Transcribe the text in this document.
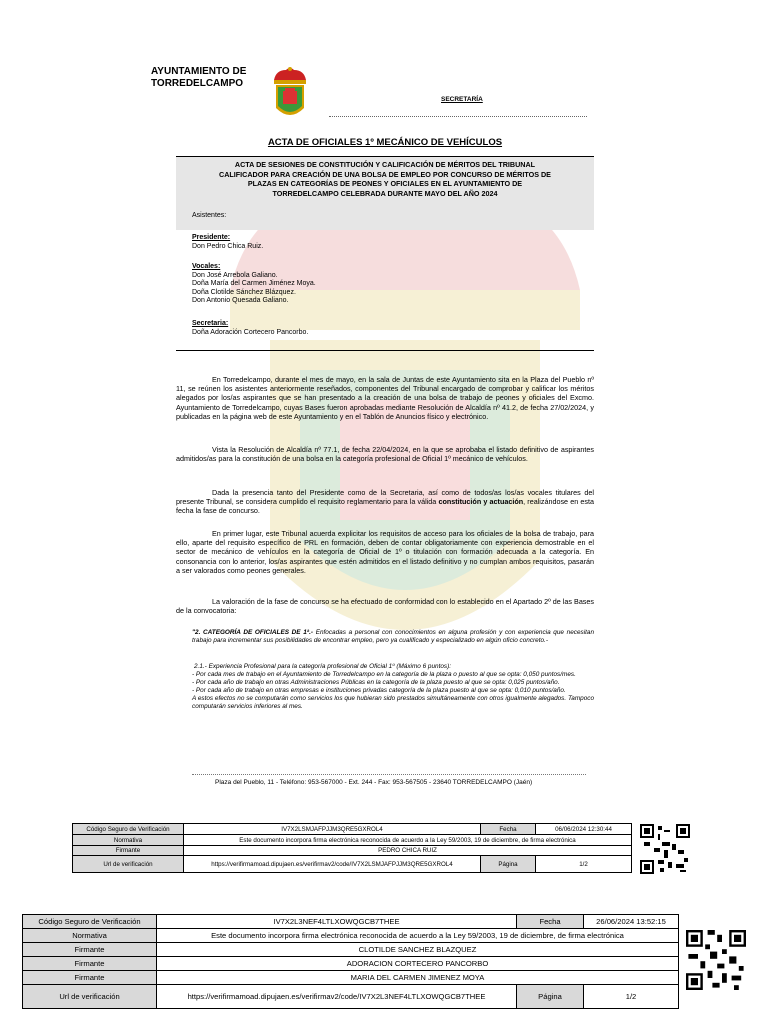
AYUNTAMIENTO DE
TORREDELCAMPO
SECRETARÍA
ACTA DE OFICIALES 1º MECÁNICO DE VEHÍCULOS
ACTA DE SESIONES DE CONSTITUCIÓN Y CALIFICACIÓN DE MÉRITOS DEL TRIBUNAL
CALIFICADOR PARA CREACIÓN DE UNA BOLSA DE EMPLEO POR CONCURSO DE MÉRITOS DE
PLAZAS EN CATEGORÍAS DE PEONES Y OFICIALES EN EL AYUNTAMIENTO DE
TORREDELCAMPO CELEBRADA DURANTE MAYO DEL AÑO 2024
Asistentes:
Presidente:
Don Pedro Chica Ruiz.
Vocales:
Don José Arrebola Galiano.
Doña María del Carmen Jiménez Moya.
Doña Clotilde Sánchez Blázquez.
Don Antonio Quesada Galiano.
Secretaria:
Doña Adoración Cortecero Pancorbo.

En Torredelcampo, durante el mes de mayo, en la sala de Juntas de este Ayuntamiento sita en la Plaza del Pueblo nº 11, se reúnen los asistentes anteriormente reseñados, componentes del Tribunal encargado de comprobar y calificar los méritos alegados por los/as aspirantes que se han presentado a la creación de una bolsa de trabajo de peones y oficiales del Excmo. Ayuntamiento de Torredelcampo, cuyas Bases fueron aprobadas mediante Resolución de Alcaldía nº 41.2, de fecha 27/02/2024, y publicadas en la página web de este Ayuntamiento y en el Tablón de Anuncios físico y electrónico.

Vista la Resolución de Alcaldía nº 77.1, de fecha 22/04/2024, en la que se aprobaba el listado definitivo de aspirantes admitidos/as para la constitución de una bolsa en la categoría profesional de Oficial 1º mecánico de vehículos.

Dada la presencia tanto del Presidente como de la Secretaria, así como de todos/as los/as vocales titulares del presente Tribunal, se considera cumplido el requisito reglamentario para la válida constitución y actuación, realizándose en esta fecha la fase de concurso.

En primer lugar, este Tribunal acuerda explicitar los requisitos de acceso para los oficiales de la bolsa de trabajo, para ello, aparte del requisito específico de PRL en formación, deben de contar obligatoriamente con experiencia demostrable en el sector de mecánico de vehículos en la categoría de Oficial de 1º o titulación con formación adecuada a la categoría. En consonancia con lo anterior, los/as aspirantes que estén admitidos en el listado definitivo y no cumplan ambos requisitos, pasarán a ser valorados como peones generales.

La valoración de la fase de concurso se ha efectuado de conformidad con lo establecido en el Apartado 2º de las Bases de la convocatoria:

"2. CATEGORÍA DE OFICIALES DE 1ª.- Enfocadas a personal con conocimientos en alguna profesión y con experiencia que necesitan trabajo para incrementar sus posibilidades de encontrar empleo, pero ya cualificado y especializado en algún oficio concreto.-
2.1.- Experiencia Profesional para la categoría profesional de Oficial 1º (Máximo 6 puntos):
- Por cada mes de trabajo en el Ayuntamiento de Torredelcampo en la categoría de la plaza o puesto al que se opta: 0,050 puntos/mes.
- Por cada año de trabajo en otras Administraciones Públicas en la categoría de la plaza puesto al que se opta: 0,025 puntos/año.
- Por cada año de trabajo en otras empresas e instituciones privadas categoría de la plaza puesto al que se opta: 0,010 puntos/año.
A estos efectos no se computarán como servicios los que hubieran sido prestados simultáneamente con otros igualmente alegados. Tampoco computarán servicios inferiores al mes.
Plaza del Pueblo, 11 - Teléfono: 953-567000 - Ext. 244 - Fax: 953-567505 - 23640 TORREDELCAMPO (Jaén)
Código Seguro de Verificación	IV7X2LSMJAFPJJM3QRE5GXROL4	Fecha	06/06/2024 12:30:44
Normativa	Este documento incorpora firma electrónica reconocida de acuerdo a la Ley 59/2003, 19 de diciembre, de firma electrónica		
Firmante	PEDRO CHICA RUIZ		
Url de verificación	https://verifirmamoad.dipujaen.es/verifirmav2/code/IV7X2LSMJAFPJJM3QRE5GXROL4	Página	1/2
Código Seguro de Verificación	IV7X2L3NEF4LTLXOWQGCB7THEE	Fecha	26/06/2024 13:52:15
Normativa	Este documento incorpora firma electrónica reconocida de acuerdo a la Ley 59/2003, 19 de diciembre, de firma electrónica		
Firmante	CLOTILDE SANCHEZ BLAZQUEZ		
Firmante	ADORACION CORTECERO PANCORBO		
Firmante	MARIA DEL CARMEN JIMENEZ MOYA		
Url de verificación	https://verifirmamoad.dipujaen.es/verifirmav2/code/IV7X2L3NEF4LTLXOWQGCB7THEE	Página	1/2
